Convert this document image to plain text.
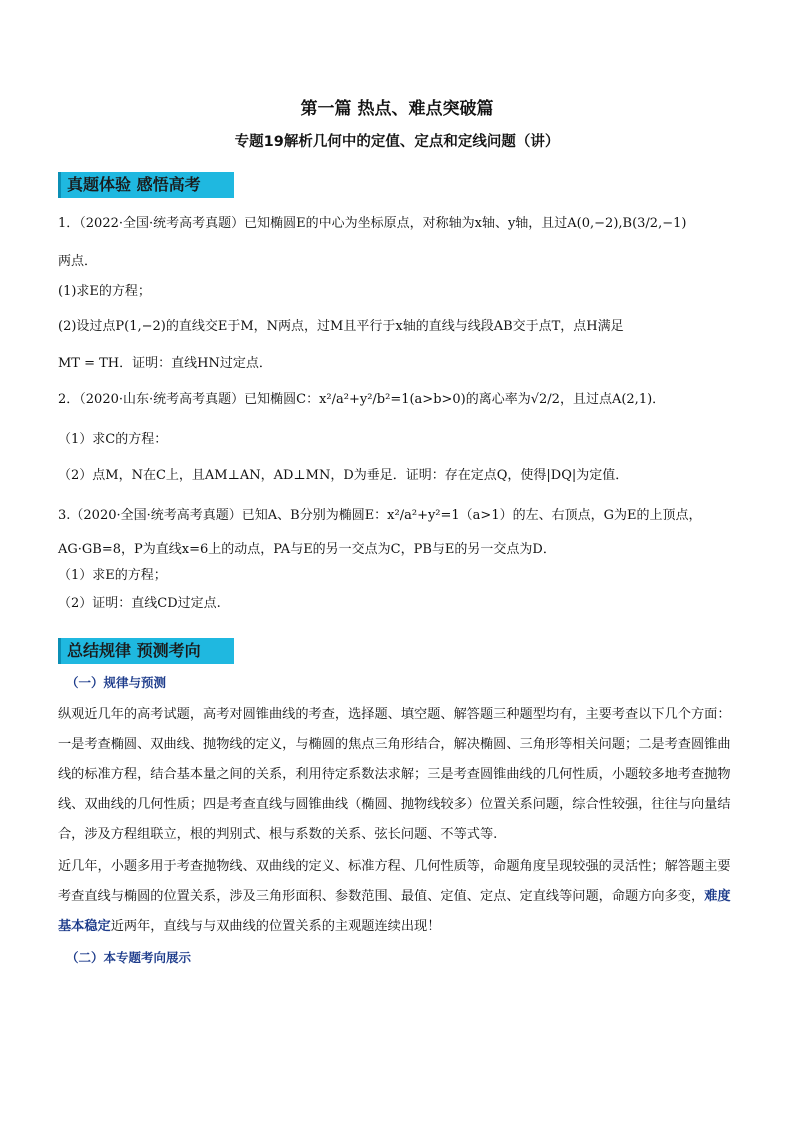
第一篇 热点、难点突破篇
专题19解析几何中的定值、定点和定线问题（讲）
真题体验 感悟高考
1．（2022·全国·统考高考真题）已知椭圆E的中心为坐标原点，对称轴为x轴、y轴，且过A(0,−2),B(3/2,−1)
两点．
(1)求E的方程；
(2)设过点P(1,−2)的直线交E于M，N两点，过M且平行于x轴的直线与线段AB交于点T，点H满足
MT = TH．证明：直线HN过定点．
2．（2020·山东·统考高考真题）已知椭圆C：x²/a²+y²/b²=1(a>b>0)的离心率为√2/2，且过点A(2,1)．
（1）求C的方程：
（2）点M，N在C上，且AM⊥AN，AD⊥MN，D为垂足．证明：存在定点Q，使得|DQ|为定值．
3.（2020·全国·统考高考真题）已知A、B分别为椭圆E：x²/a²+y²=1（a>1）的左、右顶点，G为E的上顶点，
AG·GB=8，P为直线x=6上的动点，PA与E的另一交点为C，PB与E的另一交点为D．
（1）求E的方程；
（2）证明：直线CD过定点.
总结规律 预测考向
（一）规律与预测
纵观近几年的高考试题，高考对圆锥曲线的考查，选择题、填空题、解答题三种题型均有，主要考查以下几个方面：一是考查椭圆、双曲线、抛物线的定义，与椭圆的焦点三角形结合，解决椭圆、三角形等相关问题；二是考查圆锥曲线的标准方程，结合基本量之间的关系，利用待定系数法求解；三是考查圆锥曲线的几何性质，小题较多地考查抛物线、双曲线的几何性质；四是考查直线与圆锥曲线（椭圆、抛物线较多）位置关系问题，综合性较强，往往与向量结合，涉及方程组联立，根的判别式、根与系数的关系、弦长问题、不等式等.
近几年，小题多用于考查抛物线、双曲线的定义、标准方程、几何性质等，命题角度呈现较强的灵活性；解答题主要考查直线与椭圆的位置关系，涉及三角形面积、参数范围、最值、定值、定点、定直线等问题，命题方向多变，难度基本稳定近两年，直线与与双曲线的位置关系的主观题连续出现！
（二）本专题考向展示
